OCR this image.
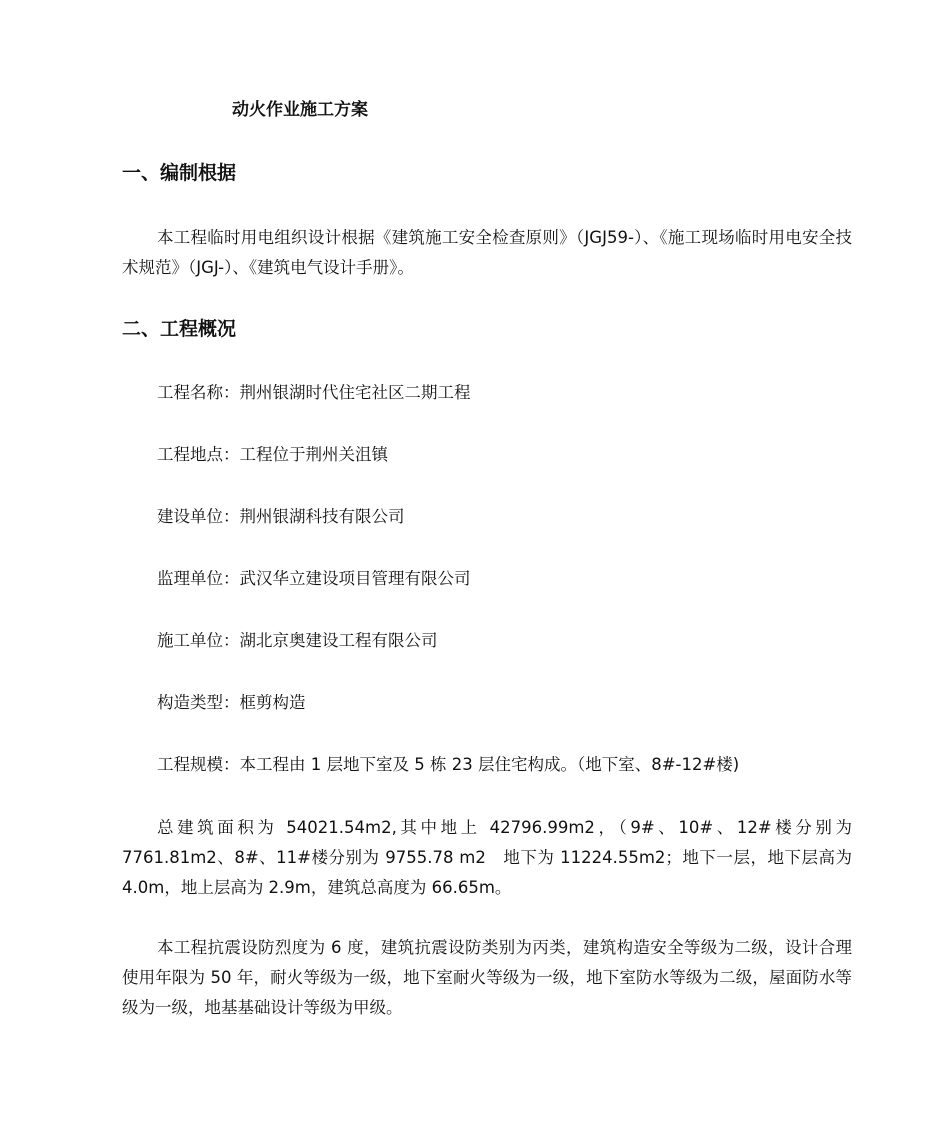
动火作业施工方案
一、编制根据

本工程临时用电组织设计根据《建筑施工安全检查原则》（JGJ59-）、《施工现场临时用电安全技术规范》（JGJ-）、《建筑电气设计手册》。

二、工程概况
工程名称：荆州银湖时代住宅社区二期工程
工程地点：工程位于荆州关沮镇
建设单位：荆州银湖科技有限公司
监理单位：武汉华立建设项目管理有限公司
施工单位：湖北京奥建设工程有限公司
构造类型：框剪构造
工程规模：本工程由 1 层地下室及 5 栋 23 层住宅构成。（地下室、8#-12#楼)

总建筑面积为 54021.54m2,其中地上 42796.99m2，（9#、10#、12#楼分别为7761.81m2、8#、11#楼分别为 9755.78 m2　地下为 11224.55m2；地下一层，地下层高为 4.0m，地上层高为 2.9m，建筑总高度为 66.65m。

本工程抗震设防烈度为 6 度，建筑抗震设防类别为丙类，建筑构造安全等级为二级，设计合理使用年限为 50 年，耐火等级为一级，地下室耐火等级为一级，地下室防水等级为二级，屋面防水等级为一级，地基基础设计等级为甲级。
